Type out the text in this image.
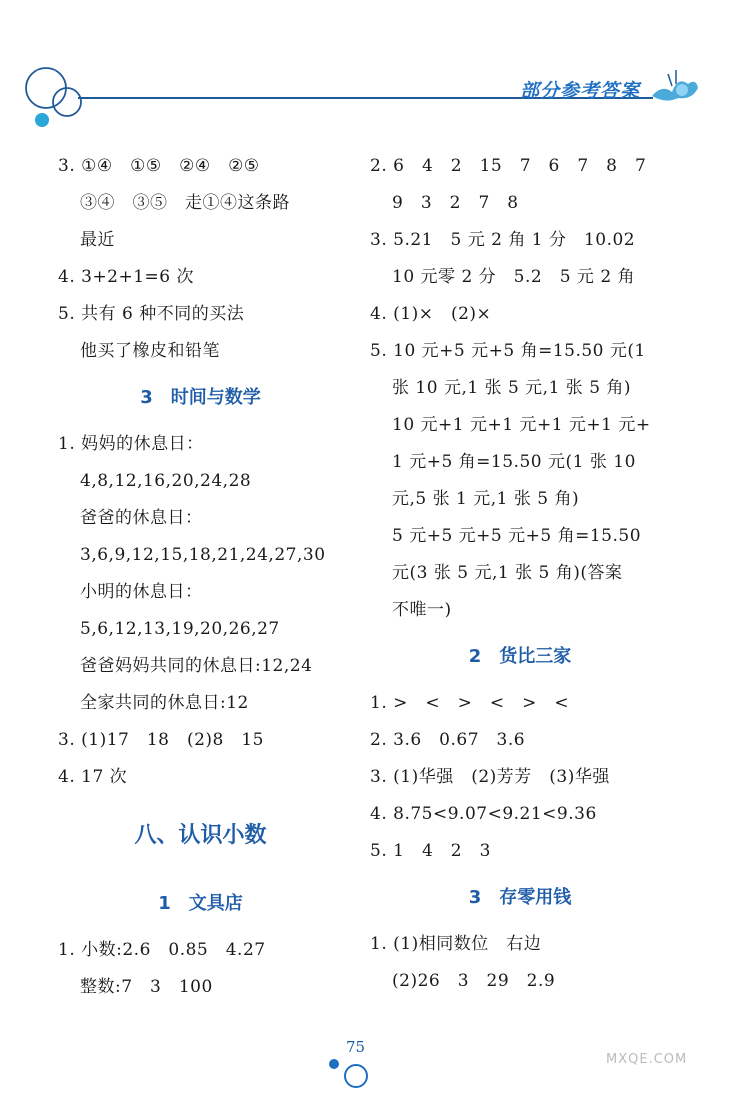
部分参考答案
3. ①④　①⑤　②④　②⑤
③④　③⑤　走①④这条路
最近
4. 3+2+1=6 次
5. 共有 6 种不同的买法
他买了橡皮和铅笔
3　时间与数学
1. 妈妈的休息日：
4,8,12,16,20,24,28
爸爸的休息日：
3,6,9,12,15,18,21,24,27,30
小明的休息日：
5,6,12,13,19,20,26,27
爸爸妈妈共同的休息日:12,24
全家共同的休息日:12
3. (1)17　18　(2)8　15
4. 17 次
八、认识小数
1　文具店
1. 小数:2.6　0.85　4.27
整数:7　3　100
2. 6　4　2　15　7　6　7　8　7
9　3　2　7　8
3. 5.21　5 元 2 角 1 分　10.02
10 元零 2 分　5.2　5 元 2 角
4. (1)×　(2)×
5. 10 元+5 元+5 角=15.50 元(1
张 10 元,1 张 5 元,1 张 5 角)
10 元+1 元+1 元+1 元+1 元+
1 元+5 角=15.50 元(1 张 10
元,5 张 1 元,1 张 5 角)
5 元+5 元+5 元+5 角=15.50
元(3 张 5 元,1 张 5 角)(答案
不唯一)
2　货比三家
1. >　<　>　<　>　<
2. 3.6　0.67　3.6
3. (1)华强　(2)芳芳　(3)华强
4. 8.75<9.07<9.21<9.36
5. 1　4　2　3
3　存零用钱
1. (1)相同数位　右边
(2)26　3　29　2.9
75
MXQE.COM
